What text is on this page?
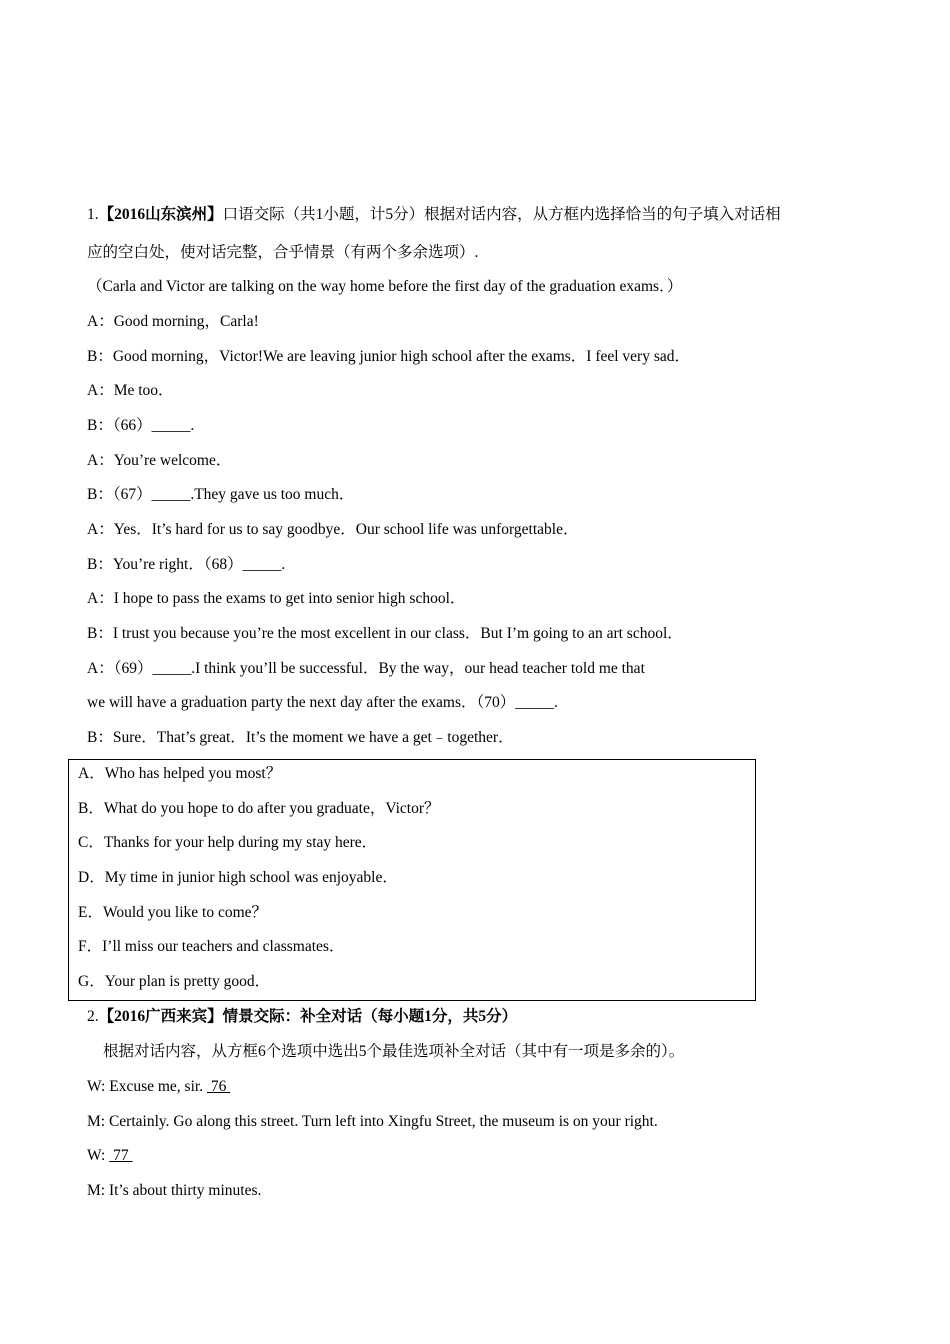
1.【2016山东滨州】口语交际（共1小题，计5分）根据对话内容，从方框内选择恰当的句子填入对话相
应的空白处，使对话完整，合乎情景（有两个多余选项）.
（Carla and Victor are talking on the way home before the first day of the graduation exams．）
A：Good morning，Carla!
B：Good morning，Victor!We are leaving junior high school after the exams．I feel very sad．
A：Me too．
B：（66）_____.
A：You’re welcome．
B：（67）_____.They gave us too much．
A：Yes．It’s hard for us to say goodbye．Our school life was unforgettable．
B：You’re right．（68）_____.
A：I hope to pass the exams to get into senior high school．
B：I trust you because you’re the most excellent in our class．But I’m going to an art school．
A：（69）_____.I think you’ll be successful．By the way，our head teacher told me that
we will have a graduation party the next day after the exams．（70）_____.
B：Sure．That’s great．It’s the moment we have a get﹣together．
A．Who has helped you most？
B．What do you hope to do after you graduate，Victor？
C．Thanks for your help during my stay here．
D．My time in junior high school was enjoyable．
E．Would you like to come？
F．I’ll miss our teachers and classmates．
G．Your plan is pretty good．
2.【2016广西来宾】情景交际：补全对话（每小题1分，共5分）
根据对话内容，从方框6个选项中选出5个最佳选项补全对话（其中有一项是多余的）。
W: Excuse me, sir.  76
M: Certainly. Go along this street. Turn left into Xingfu Street, the museum is on your right.
W:  77
M: It’s about thirty minutes.
